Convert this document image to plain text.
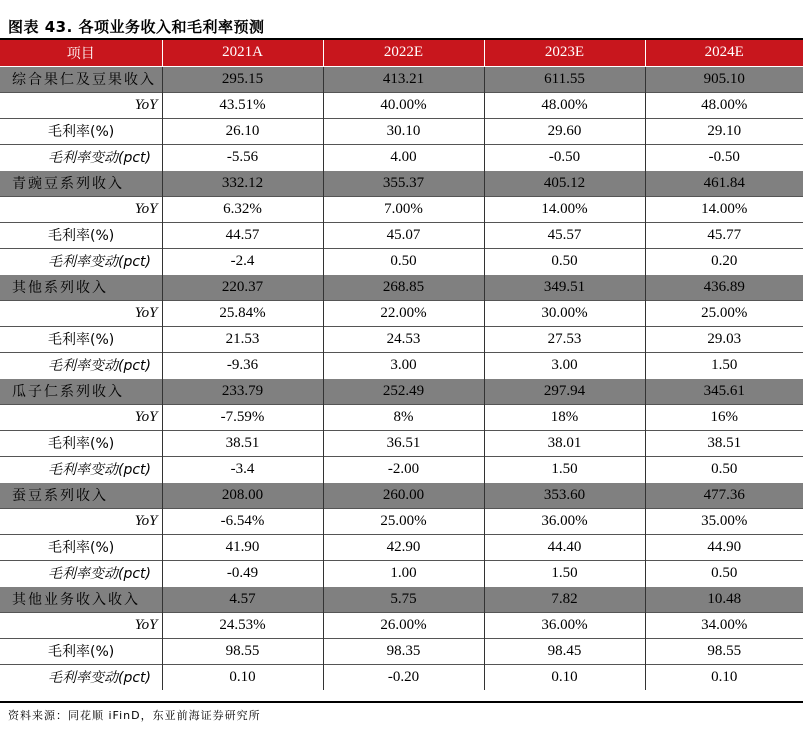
图表 43. 各项业务收入和毛利率预测
项目	2021A	2022E	2023E	2024E
综合果仁及豆果收入	295.15	413.21	611.55	905.10
YoY	43.51%	40.00%	48.00%	48.00%
毛利率(%)	26.10	30.10	29.60	29.10
毛利率变动(pct)	-5.56	4.00	-0.50	-0.50
青豌豆系列收入	332.12	355.37	405.12	461.84
YoY	6.32%	7.00%	14.00%	14.00%
毛利率(%)	44.57	45.07	45.57	45.77
毛利率变动(pct)	-2.4	0.50	0.50	0.20
其他系列收入	220.37	268.85	349.51	436.89
YoY	25.84%	22.00%	30.00%	25.00%
毛利率(%)	21.53	24.53	27.53	29.03
毛利率变动(pct)	-9.36	3.00	3.00	1.50
瓜子仁系列收入	233.79	252.49	297.94	345.61
YoY	-7.59%	8%	18%	16%
毛利率(%)	38.51	36.51	38.01	38.51
毛利率变动(pct)	-3.4	-2.00	1.50	0.50
蚕豆系列收入	208.00	260.00	353.60	477.36
YoY	-6.54%	25.00%	36.00%	35.00%
毛利率(%)	41.90	42.90	44.40	44.90
毛利率变动(pct)	-0.49	1.00	1.50	0.50
其他业务收入收入	4.57	5.75	7.82	10.48
YoY	24.53%	26.00%	36.00%	34.00%
毛利率(%)	98.55	98.35	98.45	98.55
毛利率变动(pct)	0.10	-0.20	0.10	0.10
资料来源：同花顺 iFinD，东亚前海证券研究所
